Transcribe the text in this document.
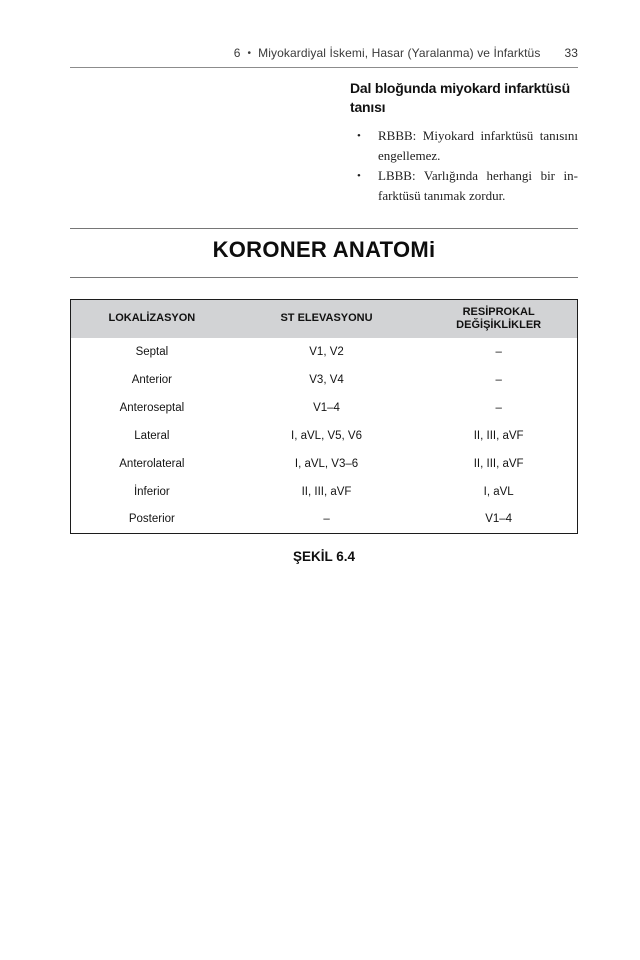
6 • Miyokardiyal İskemi, Hasar (Yaralanma) ve İnfarktüs 33
Dal bloğunda miyokard infarktüsü
tanısı
•	RBBB: Miyokard infarktüsü tanısını
engellemez.
•	LBBB: Varlığında herhangi bir in-
farktüsü tanımak zordur.
KORONER ANATOMi
LOKALİZASYON	ST ELEVASYONU	RESİPROKAL DEĞİŞİKLİKLER
Septal	V1, V2	–
Anterior	V3, V4	–
Anteroseptal	V1–4	–
Lateral	I, aVL, V5, V6	II, III, aVF
Anterolateral	I, aVL, V3–6	II, III, aVF
İnferior	II, III, aVF	I, aVL
Posterior	–	V1–4
ŞEKİL 6.4
